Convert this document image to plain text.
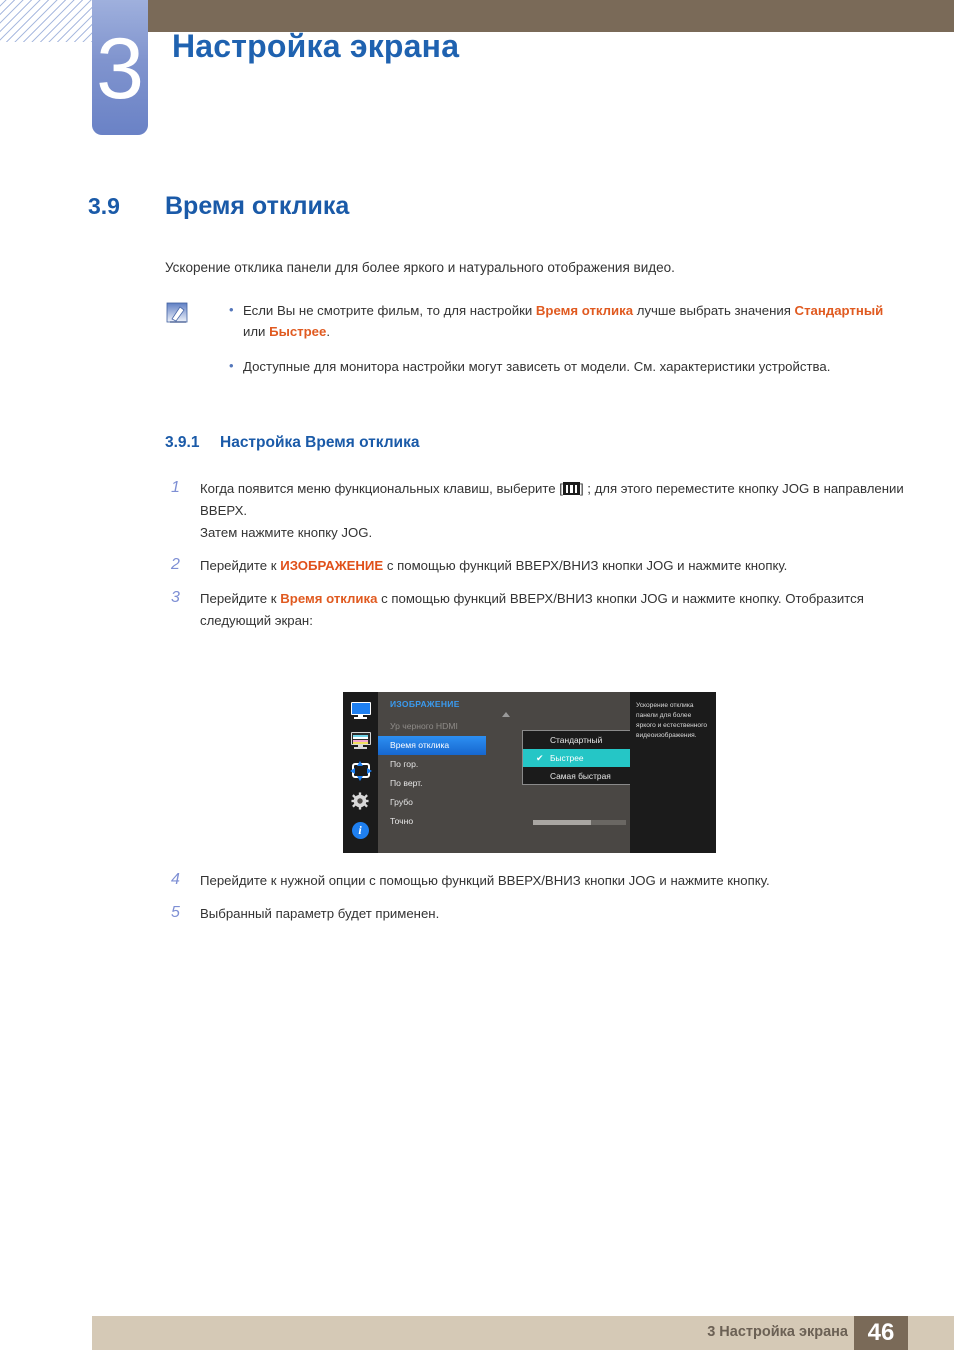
3 Настройка экрана
3.9 Время отклика
Ускорение отклика панели для более яркого и натурального отображения видео.
• Если Вы не смотрите фильм, то для настройки Время отклика лучше выбрать значения Стандартный или Быстрее.
• Доступные для монитора настройки могут зависеть от модели. См. характеристики устройства.
3.9.1 Настройка Время отклика
1 Когда появится меню функциональных клавиш, выберите [ ] ; для этого переместите кнопку JOG в направлении ВВЕРХ.
Затем нажмите кнопку JOG.
2 Перейдите к ИЗОБРАЖЕНИЕ с помощью функций ВВЕРХ/ВНИЗ кнопки JOG и нажмите кнопку.
3 Перейдите к Время отклика с помощью функций ВВЕРХ/ВНИЗ кнопки JOG и нажмите кнопку. Отобразится следующий экран:
i
ИЗОБРАЖЕНИЕ
Ур черного HDMI
Время отклика
По гор.
По верт.
Грубо
Точно
Стандартный
✔ Быстрее
Самая быстрая
Ускорение отклика панели для более яркого и естественного видеоизображения.
4 Перейдите к нужной опции с помощью функций ВВЕРХ/ВНИЗ кнопки JOG и нажмите кнопку.
5 Выбранный параметр будет применен.
3 Настройка экрана 46
